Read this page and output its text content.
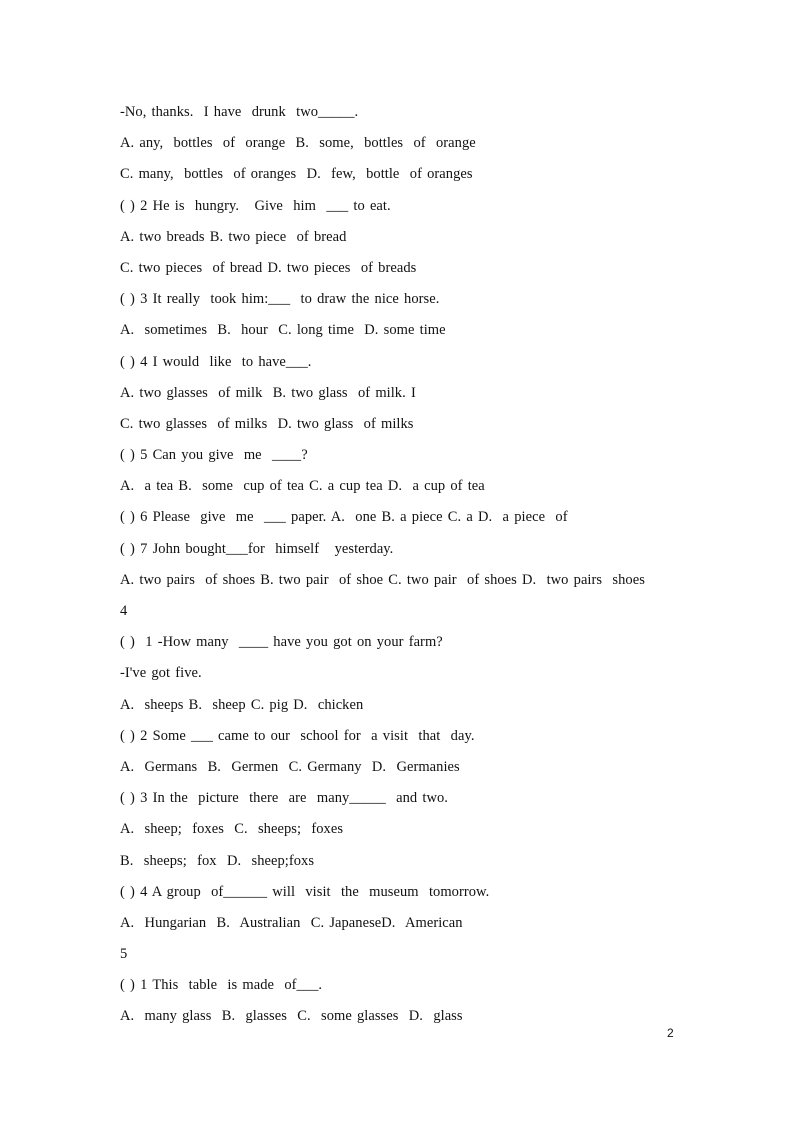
-No, thanks.  I have  drunk  two_____.
A. any,  bottles  of  orange  B.  some,  bottles  of  orange
C. many,  bottles  of oranges  D.  few,  bottle  of oranges
( ) 2 He is  hungry.   Give  him  ___ to eat.
A. two breads B. two piece  of bread
C. two pieces  of bread D. two pieces  of breads
( ) 3 It really  took him:___  to draw the nice horse.
A.  sometimes  B.  hour  C. long time  D. some time
( ) 4 I would  like  to have___.
A. two glasses  of milk  B. two glass  of milk. I
C. two glasses  of milks  D. two glass  of milks
( ) 5 Can you give  me  ____?
A.  a tea B.  some  cup of tea C. a cup tea D.  a cup of tea
( ) 6 Please  give  me  ___ paper. A.  one B. a piece C. a D.  a piece  of
( ) 7 John bought___for  himself   yesterday.
A. two pairs  of shoes B. two pair  of shoe C. two pair  of shoes D.  two pairs  shoes
4
( )  1 -How many  ____ have you got on your farm?
-I've got five.
A.  sheeps B.  sheep C. pig D.  chicken
( ) 2 Some ___ came to our  school for  a visit  that  day.
A.  Germans  B.  Germen  C. Germany  D.  Germanies
( ) 3 In the  picture  there  are  many_____  and two.
A.  sheep;  foxes  C.  sheeps;  foxes
B.  sheeps;  fox  D.  sheep;foxs
( ) 4 A group  of______ will  visit  the  museum  tomorrow.
A.  Hungarian  B.  Australian  C. JapaneseD.  American
5
( ) 1 This  table  is made  of___.
A.  many glass  B.  glasses  C.  some glasses  D.  glass
2
